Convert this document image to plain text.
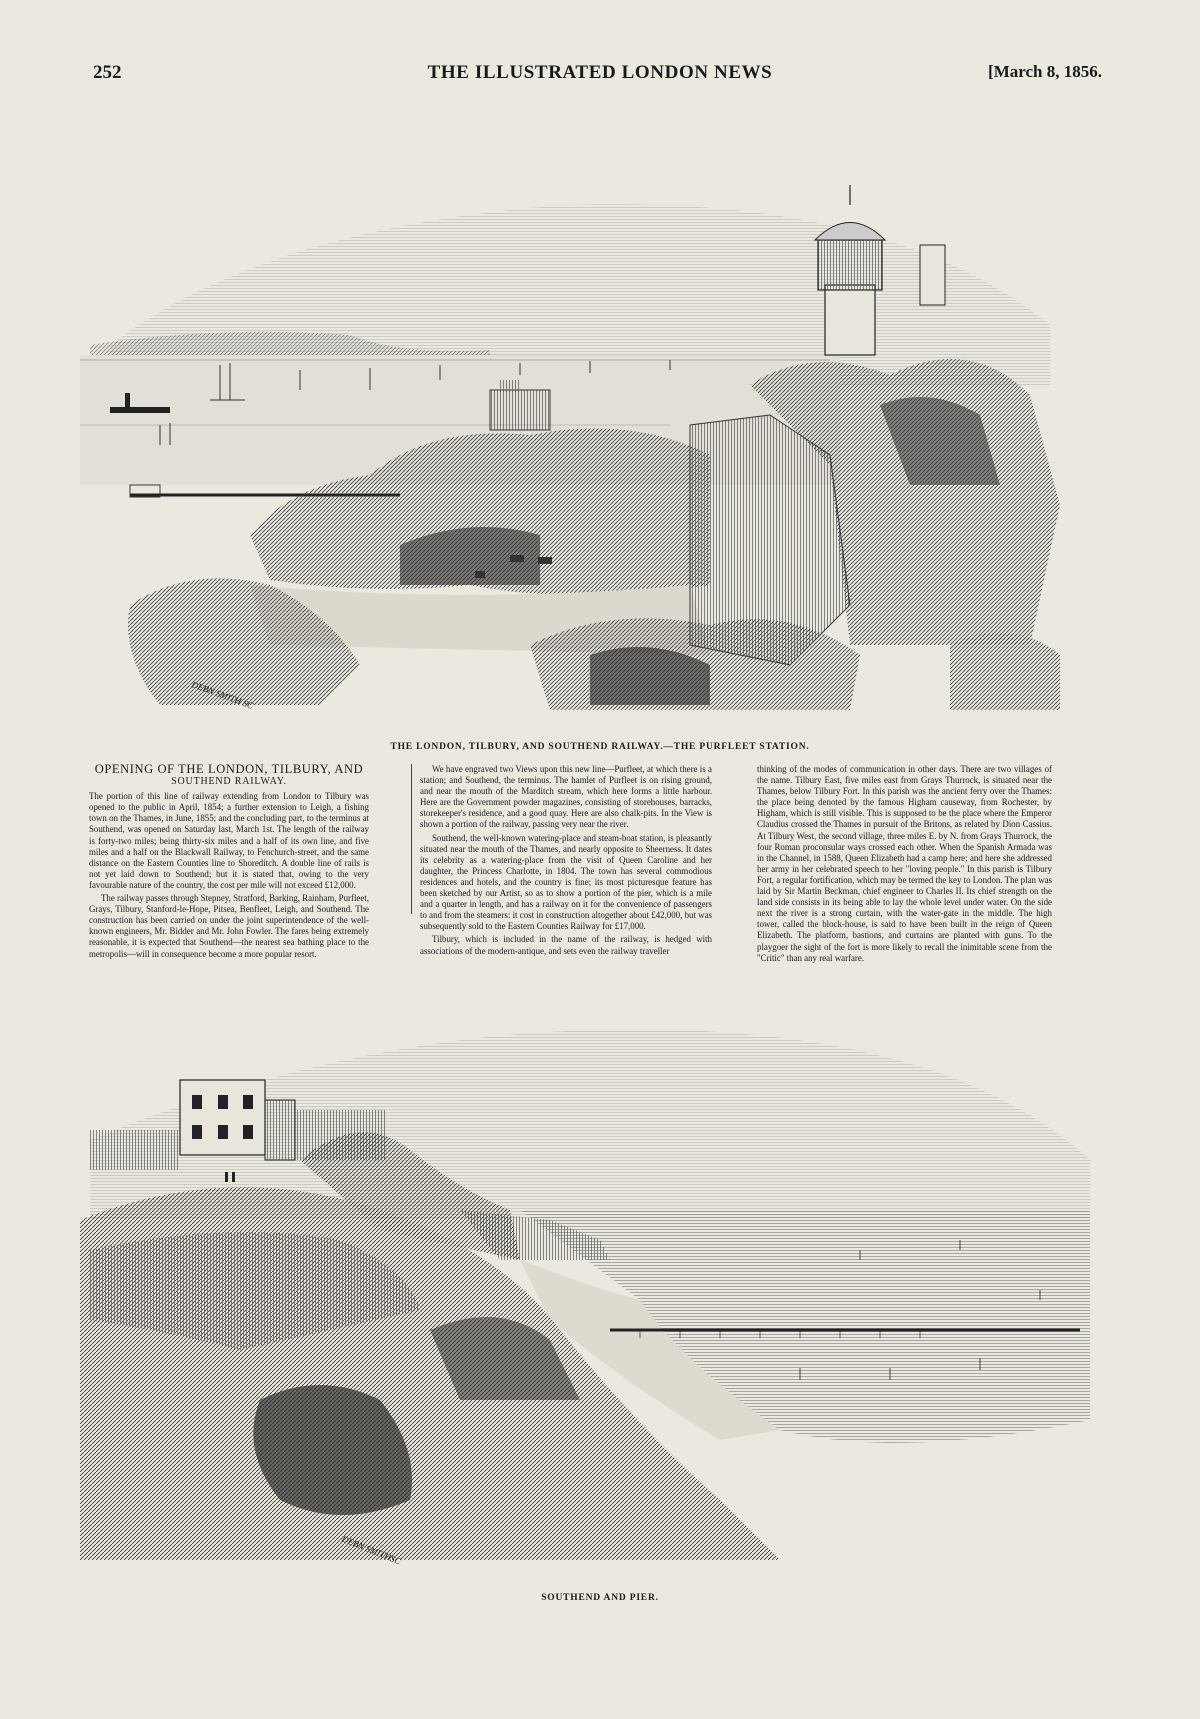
252	THE ILLUSTRATED LONDON NEWS	[March 8, 1856.
DEBN SMITH SC
THE LONDON, TILBURY, AND SOUTHEND RAILWAY.—THE PURFLEET STATION.
OPENING OF THE LONDON, TILBURY, AND
SOUTHEND RAILWAY.

The portion of this line of railway extending from London to Tilbury was opened to the public in April, 1854; a further extension to Leigh, a fishing town on the Thames, in June, 1855; and the concluding part, to the terminus at Southend, was opened on Saturday last, March 1st. The length of the railway is forty-two miles; being thirty-six miles and a half of its own line, and five miles and a half on the Blackwall Railway, to Fenchurch-street, and the same distance on the Eastern Counties line to Shoreditch. A double line of rails is not yet laid down to Southend; but it is stated that, owing to the very favourable nature of the country, the cost per mile will not exceed £12,000.

The railway passes through Stepney, Stratford, Barking, Rainham, Purfleet, Grays, Tilbury, Stanford-le-Hope, Pitsea, Benfleet, Leigh, and Southend. The construction has been carried on under the joint superintendence of the well-known engineers, Mr. Bidder and Mr. John Fowler. The fares being extremely reasonable, it is expected that Southend—the nearest sea bathing place to the metropolis—will in consequence become a more popular resort.

We have engraved two Views upon this new line—Purfleet, at which there is a station; and Southend, the terminus. The hamlet of Purfleet is on rising ground, and near the mouth of the Marditch stream, which here forms a little harbour. Here are the Government powder magazines, consisting of storehouses, barracks, storekeeper's residence, and a good quay. Here are also chalk-pits. In the View is shown a portion of the railway, passing very near the river.

Southend, the well-known watering-place and steam-boat station, is pleasantly situated near the mouth of the Thames, and nearly opposite to Sheerness. It dates its celebrity as a watering-place from the visit of Queen Caroline and her daughter, the Princess Charlotte, in 1804. The town has several commodious residences and hotels, and the country is fine; its most picturesque feature has been sketched by our Artist, so as to show a portion of the pier, which is a mile and a quarter in length, and has a railway on it for the convenience of passengers to and from the steamers: it cost in construction altogether about £42,000, but was subsequently sold to the Eastern Counties Railway for £17,000.

Tilbury, which is included in the name of the railway, is hedged with associations of the modern-antique, and sets even the railway traveller

thinking of the modes of communication in other days. There are two villages of the name. Tilbury East, five miles east from Grays Thurrock, is situated near the Thames, below Tilbury Fort. In this parish was the ancient ferry over the Thames: the place being denoted by the famous Higham causeway, from Rochester, by Higham, which is still visible. This is supposed to be the place where the Emperor Claudius crossed the Thames in pursuit of the Britons, as related by Dion Cassius. At Tilbury West, the second village, three miles E. by N. from Grays Thurrock, the four Roman proconsular ways crossed each other. When the Spanish Armada was in the Channel, in 1588, Queen Elizabeth had a camp here; and here she addressed her army in her celebrated speech to her "loving people." In this parish is Tilbury Fort, a regular fortification, which may be termed the key to London. The plan was laid by Sir Martin Beckman, chief engineer to Charles II. Its chief strength on the land side consists in its being able to lay the whole level under water. On the side next the river is a strong curtain, with the water-gate in the middle. The high tower, called the block-house, is said to have been built in the reign of Queen Elizabeth. The platform, bastions, and curtains are planted with guns. To the playgoer the sight of the fort is more likely to recall the inimitable scene from the "Critic" than any real warfare.

DEBN SMITHSC
SOUTHEND AND PIER.
